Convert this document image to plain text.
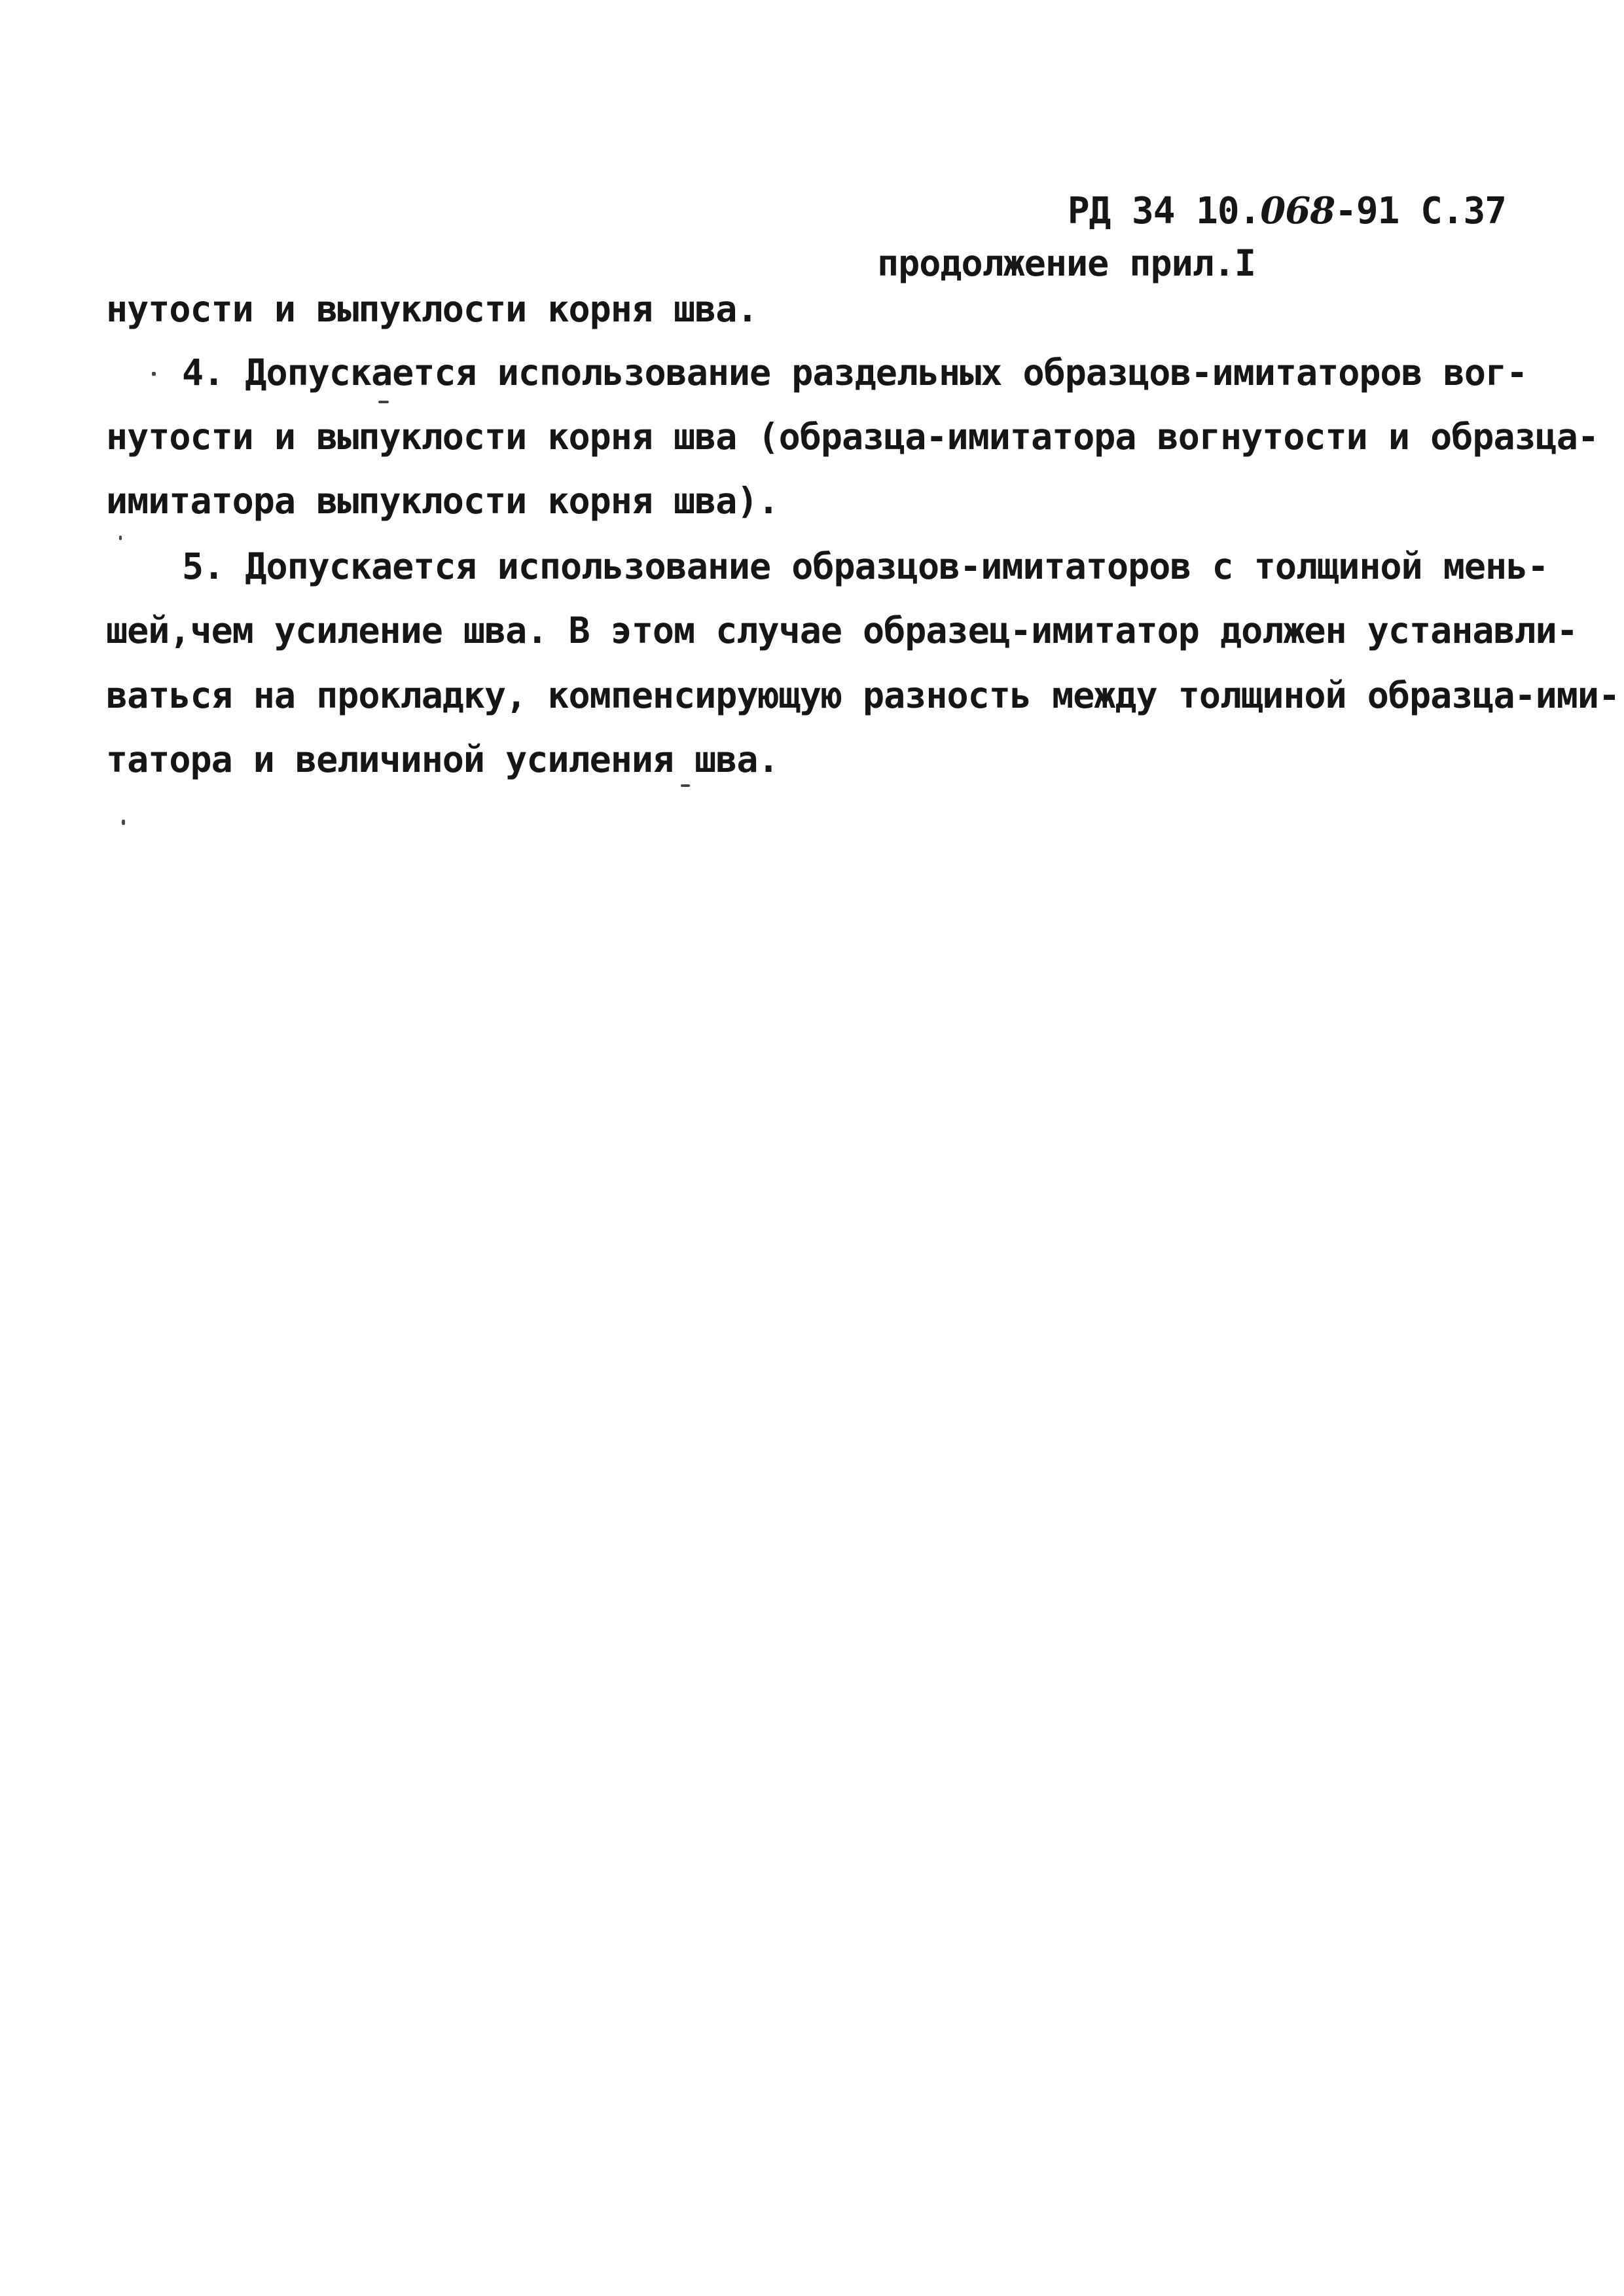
РД 34 10.068-91 С.37

продолжение прил.I
нутости и выпуклости корня шва.
4. Допускается использование раздельных образцов-имитаторов вог-
нутости и выпуклости корня шва (образца-имитатора вогнутости и образца-
имитатора выпуклости корня шва).
5. Допускается использование образцов-имитаторов с толщиной мень-
шей,чем усиление шва. В этом случае образец-имитатор должен устанавли-
ваться на прокладку, компенсирующую разность между толщиной образца-ими-
татора и величиной усиления шва.
